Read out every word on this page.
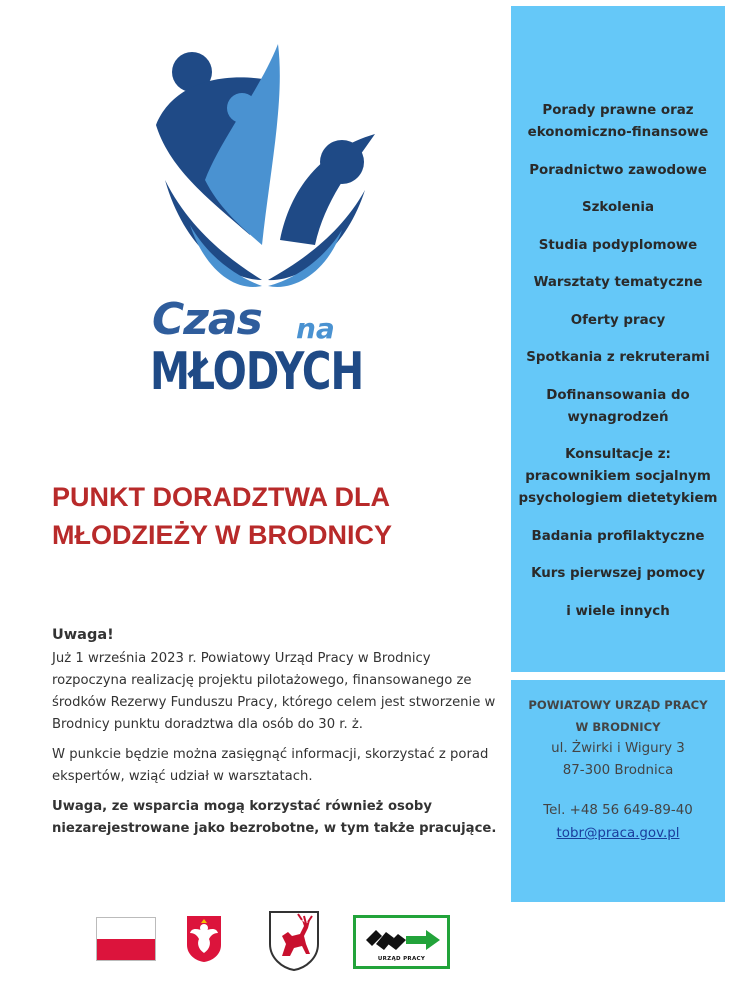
Czas na
MŁODYCH
PUNKT DORADZTWA DLA MŁODZIEŻY W BRODNICY

Uwaga!

Już 1 września 2023 r. Powiatowy Urząd Pracy w Brodnicy rozpoczyna realizację projektu pilotażowego, finansowanego ze środków Rezerwy Funduszu Pracy, którego celem jest stworzenie w Brodnicy punktu doradztwa dla osób do 30 r. ż.

W punkcie będzie można zasięgnąć informacji, skorzystać z porad ekspertów, wziąć udział w warsztatach.

Uwaga, ze wsparcia mogą korzystać również osoby niezarejestrowane jako bezrobotne, w tym także pracujące.

Porady prawne oraz ekonomiczno-finansowe
Poradnictwo zawodowe
Szkolenia
Studia podyplomowe
Warsztaty tematyczne
Oferty pracy
Spotkania z rekruterami
Dofinansowania do wynagrodzeń
Konsultacje z: pracownikiem socjalnym psychologiem dietetykiem
Badania profilaktyczne
Kurs pierwszej pomocy
i wiele innych
POWIATOWY URZĄD PRACY
W BRODNICY
ul. Żwirki i Wigury 3
87-300 Brodnica
Tel. +48 56 649-89-40
tobr@praca.gov.pl
URZĄD PRACY
